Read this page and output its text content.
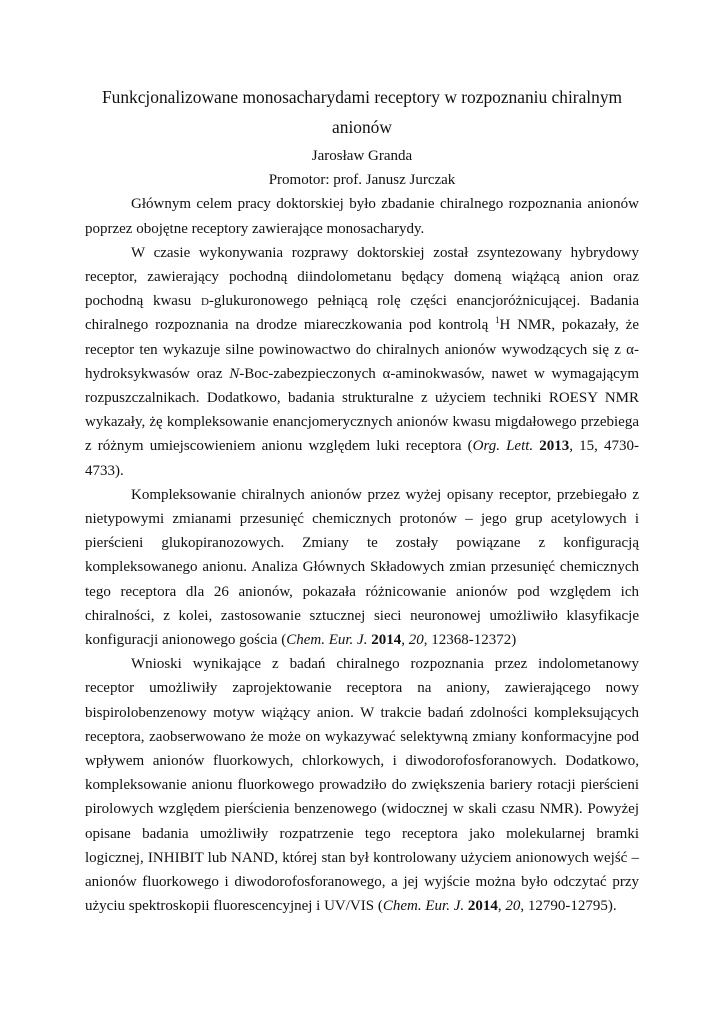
Funkcjonalizowane monosacharydami receptory w rozpoznaniu chiralnym anionów

Jarosław Granda

Promotor: prof. Janusz Jurczak

Głównym celem pracy doktorskiej było zbadanie chiralnego rozpoznania anionów poprzez obojętne receptory zawierające monosacharydy.

W czasie wykonywania rozprawy doktorskiej został zsyntezowany hybrydowy receptor, zawierający pochodną diindolometanu będący domeną wiążącą anion oraz pochodną kwasu d-glukuronowego pełniącą rolę części enancjoróżnicującej. Badania chiralnego rozpoznania na drodze miareczkowania pod kontrolą $^1$H NMR, pokazały, że receptor ten wykazuje silne powinowactwo do chiralnych anionów wywodzących się z α-hydroksykwasów oraz N-Boc-zabezpieczonych α-aminokwasów, nawet w wymagającym rozpuszczalnikach. Dodatkowo, badania strukturalne z użyciem techniki ROESY NMR wykazały, żę kompleksowanie enancjomerycznych anionów kwasu migdałowego przebiega z różnym umiejscowieniem anionu względem luki receptora (Org. Lett. 2013, 15, 4730-4733).

Kompleksowanie chiralnych anionów przez wyżej opisany receptor, przebiegało z nietypowymi zmianami przesunięć chemicznych protonów – jego grup acetylowych i pierścieni glukopiranozowych. Zmiany te zostały powiązane z konfiguracją kompleksowanego anionu. Analiza Głównych Składowych zmian przesunięć chemicznych tego receptora dla 26 anionów, pokazała różnicowanie anionów pod względem ich chiralności, z kolei, zastosowanie sztucznej sieci neuronowej umożliwiło klasyfikacje konfiguracji anionowego gościa (Chem. Eur. J. 2014, 20, 12368-12372)

Wnioski wynikające z badań chiralnego rozpoznania przez indolometanowy receptor umożliwiły zaprojektowanie receptora na aniony, zawierającego nowy bispirolobenzenowy motyw wiążący anion. W trakcie badań zdolności kompleksujących receptora, zaobserwowano że może on wykazywać selektywną zmiany konformacyjne pod wpływem anionów fluorkowych, chlorkowych, i diwodorofosforanowych. Dodatkowo, kompleksowanie anionu fluorkowego prowadziło do zwiększenia bariery rotacji pierścieni pirolowych względem pierścienia benzenowego (widocznej w skali czasu NMR). Powyżej opisane badania umożliwiły rozpatrzenie tego receptora jako molekularnej bramki logicznej, INHIBIT lub NAND, której stan był kontrolowany użyciem anionowych wejść – anionów fluorkowego i diwodorofosforanowego, a jej wyjście można było odczytać przy użyciu spektroskopii fluorescencyjnej i UV/VIS (Chem. Eur. J. 2014, 20, 12790-12795).
